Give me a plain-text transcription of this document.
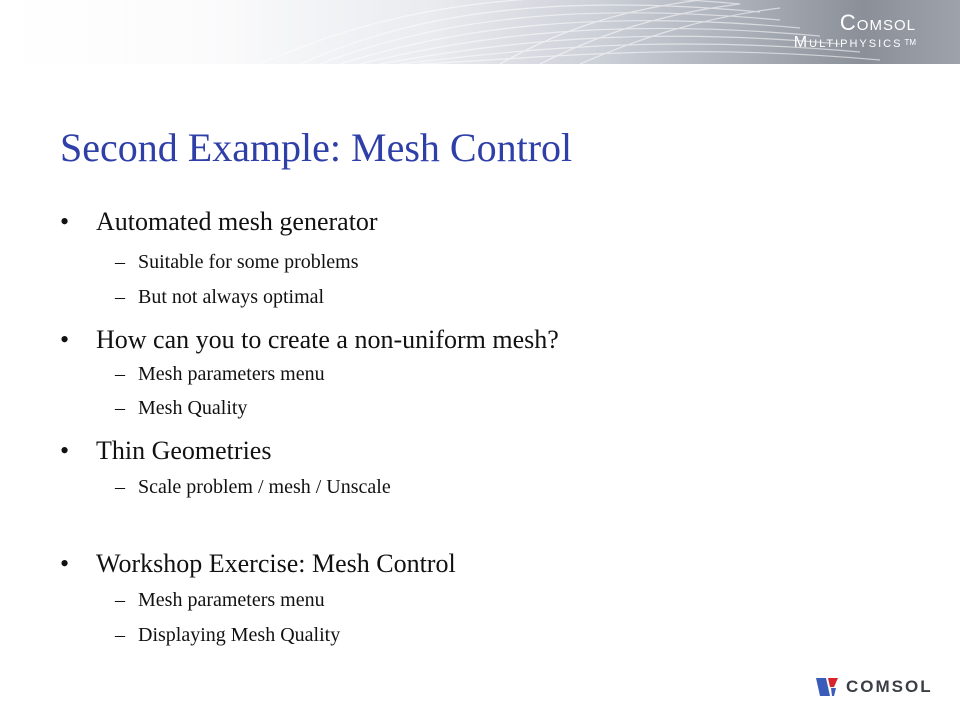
Comsol
Multiphysics ™
Second Example: Mesh Control
• Automated mesh generator
– Suitable for some problems
– But not always optimal
• How can you to create a non-uniform mesh?
– Mesh parameters menu
– Mesh Quality
• Thin Geometries
– Scale problem / mesh / Unscale
• Workshop Exercise: Mesh Control
– Mesh parameters menu
– Displaying Mesh Quality
COMSOL
